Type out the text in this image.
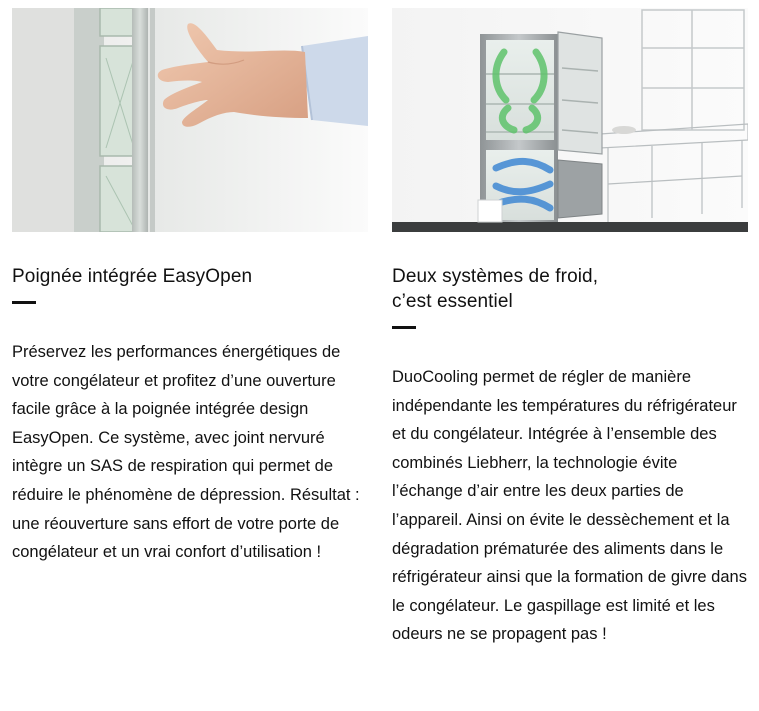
Poignée intégrée EasyOpen
Préservez les performances énergétiques de votre congélateur et profitez d’une ouverture facile grâce à la poignée intégrée design EasyOpen. Ce système, avec joint nervuré intègre un SAS de respiration qui permet de réduire le phénomène de dépression. Résultat : une réouverture sans effort de votre porte de congélateur et un vrai confort d’utilisation !
Deux systèmes de froid,
c’est essentiel
DuoCooling permet de régler de manière indépendante les températures du réfrigérateur et du congélateur. Intégrée à l’ensemble des combinés Liebherr, la technologie évite l’échange d’air entre les deux parties de l’appareil. Ainsi on évite le dessèchement et la dégradation prématurée des aliments dans le réfrigérateur ainsi que la formation de givre dans le congélateur. Le gaspillage est limité et les odeurs ne se propagent pas !
